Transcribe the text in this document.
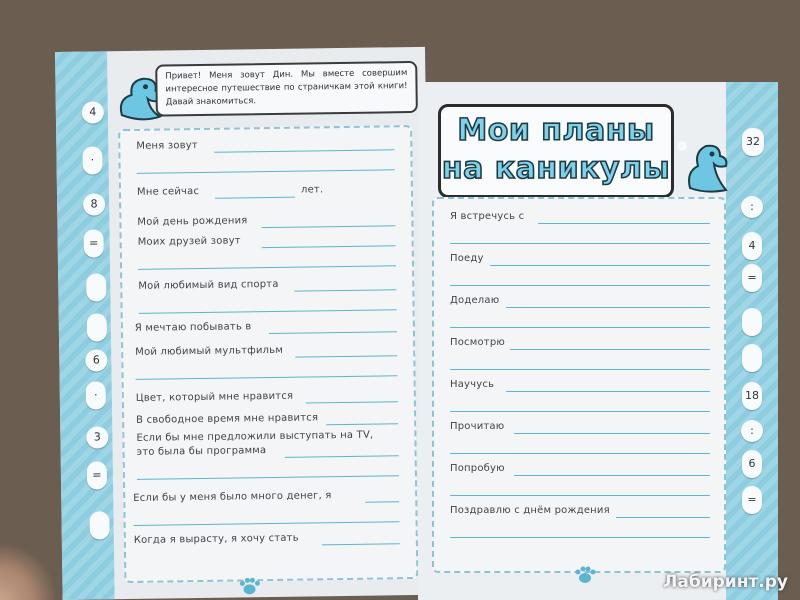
4
·
8
=
6
·
3
=
Привет! Меня зовут Дин. Мы вместе совершим интересное путешествие по страничкам этой книги! Давай знакомиться.
Меня зовут
Мне сейчас	лет.
Мой день рождения
Моих друзей зовут
Мой любимый вид спорта
Я мечтаю побывать в
Мой любимый мультфильм
Цвет, который мне нравится
В свободное время мне нравится
Если бы мне предложили выступать на TV,
это была бы программа
Если бы у меня было много денег, я
Когда я вырасту, я хочу стать
32
:
4
=
18
:
6
=
Мои планы
на каникулы
Я встречусь с
Поеду
Доделаю
Посмотрю
Научусь
Прочитаю
Попробую
Поздравлю с днём рождения
Лабиринт.ру
